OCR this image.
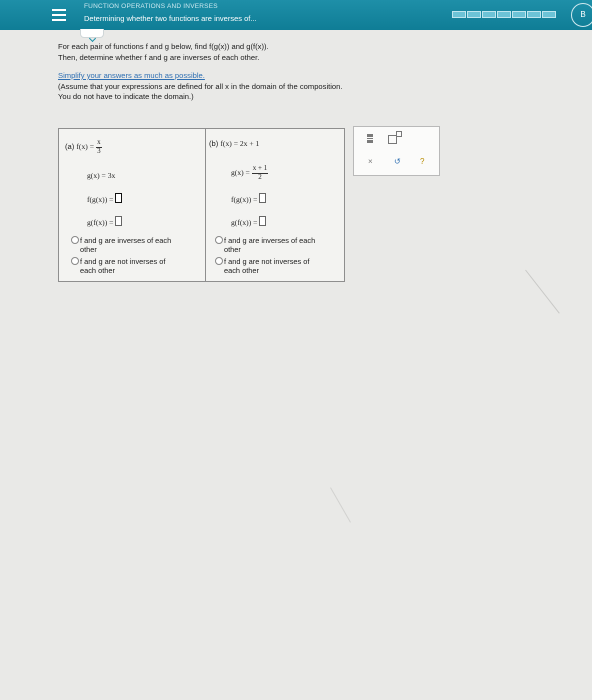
FUNCTION OPERATIONS AND INVERSES
Determining whether two functions are inverses of...	B

For each pair of functions f and g below, find f(g(x)) and g(f(x)).

Then, determine whether f and g are inverses of each other.

Simplify your answers as much as possible.

(Assume that your expressions are defined for all x in the domain of the composition.

You do not have to indicate the domain.)

(a) $f(x) = \frac{x}{3}$
g(x) = 3x
f(g(x)) =
g(f(x)) =
f and g are inverses of each
other
f and g are not inverses of
each other
(b) f(x) = 2x + 1
$g(x) = \frac{x + 1}{2}$
f(g(x)) =
g(f(x)) =
f and g are inverses of each
other
f and g are not inverses of
each other
×	↺ ?
